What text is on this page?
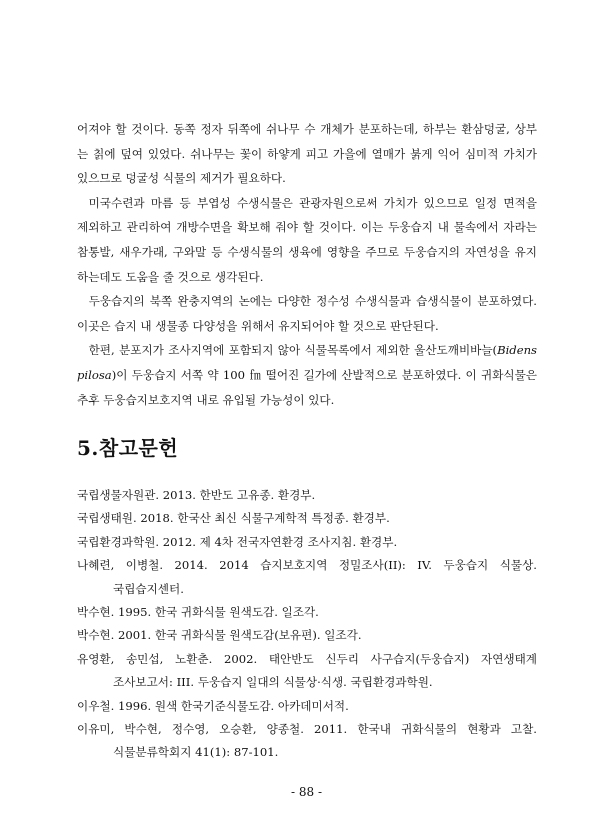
어져야 할 것이다. 동쪽 정자 뒤쪽에 쉬나무 수 개체가 분포하는데, 하부는 환삼덩굴, 상부

는 칡에 덮여 있었다. 쉬나무는 꽃이 하얗게 피고 가을에 열매가 붉게 익어 심미적 가치가

있으므로 덩굴성 식물의 제거가 필요하다.

미국수련과 마름 등 부엽성 수생식물은 관광자원으로써 가치가 있으므로 일정 면적을

제외하고 관리하여 개방수면을 확보해 줘야 할 것이다. 이는 두웅습지 내 물속에서 자라는

참통발, 새우가래, 구와말 등 수생식물의 생육에 영향을 주므로 두웅습지의 자연성을 유지

하는데도 도움을 줄 것으로 생각된다.

두웅습지의 북쪽 완충지역의 논에는 다양한 정수성 수생식물과 습생식물이 분포하였다.

이곳은 습지 내 생물종 다양성을 위해서 유지되어야 할 것으로 판단된다.

한편, 분포지가 조사지역에 포함되지 않아 식물목록에서 제외한 울산도깨비바늘(Bidens

pilosa)이 두웅습지 서쪽 약 100 ㎙ 떨어진 길가에 산발적으로 분포하였다. 이 귀화식물은

추후 두웅습지보호지역 내로 유입될 가능성이 있다.

5.참고문헌
국립생물자원관. 2013. 한반도 고유종. 환경부.
국립생태원. 2018. 한국산 최신 식물구계학적 특정종. 환경부.
국립환경과학원. 2012. 제 4차 전국자연환경 조사지침. 환경부.
나혜련, 이병철. 2014. 2014 습지보호지역 정밀조사(II): IV. 두웅습지 식물상.
국립습지센터.
박수현. 1995. 한국 귀화식물 원색도감. 일조각.
박수현. 2001. 한국 귀화식물 원색도감(보유편). 일조각.
유영환, 송민섭, 노환춘. 2002. 태안반도 신두리 사구습지(두웅습지) 자연생태계
조사보고서: III. 두웅습지 일대의 식물상·식생. 국립환경과학원.
이우철. 1996. 원색 한국기준식물도감. 아카데미서적.
이유미, 박수현, 정수영, 오승환, 양종철. 2011. 한국내 귀화식물의 현황과 고찰.
식물분류학회지 41(1): 87-101.
- 88 -
